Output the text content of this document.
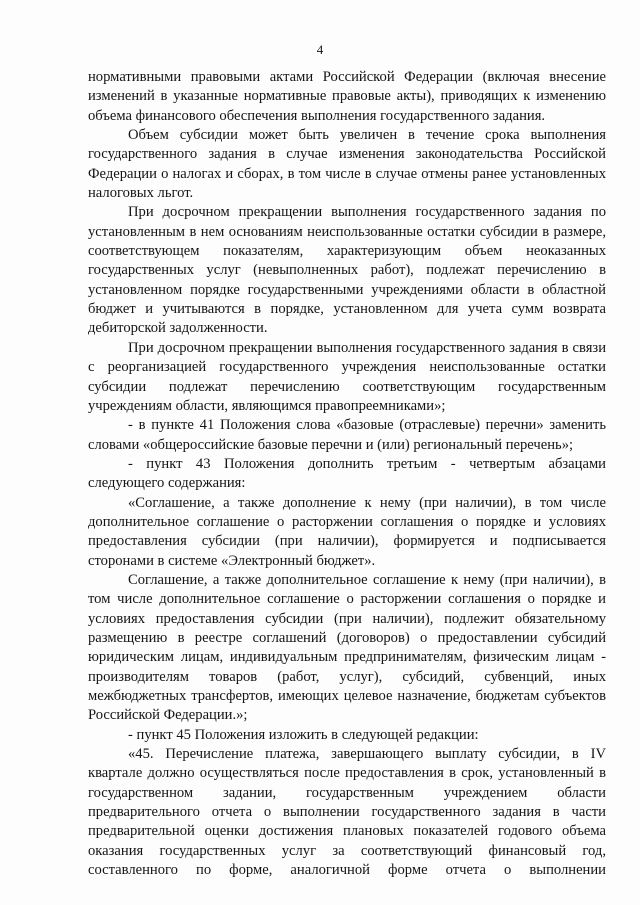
4

нормативными правовыми актами Российской Федерации (включая внесение изменений в указанные нормативные правовые акты), приводящих к изменению объема финансового обеспечения выполнения государственного задания.

Объем субсидии может быть увеличен в течение срока выполнения государственного задания в случае изменения законодательства Российской Федерации о налогах и сборах, в том числе в случае отмены ранее установленных налоговых льгот.

При досрочном прекращении выполнения государственного задания по установленным в нем основаниям неиспользованные остатки субсидии в размере, соответствующем показателям, характеризующим объем неоказанных государственных услуг (невыполненных работ), подлежат перечислению в установленном порядке государственными учреждениями области в областной бюджет и учитываются в порядке, установленном для учета сумм возврата дебиторской задолженности.

При досрочном прекращении выполнения государственного задания в связи с реорганизацией государственного учреждения неиспользованные остатки субсидии подлежат перечислению соответствующим государственным учреждениям области, являющимся правопреемниками»;

- в пункте 41 Положения слова «базовые (отраслевые) перечни» заменить словами «общероссийские базовые перечни и (или) региональный перечень»;

- пункт 43 Положения дополнить третьим - четвертым абзацами следующего содержания:

«Соглашение, а также дополнение к нему (при наличии), в том числе дополнительное соглашение о расторжении соглашения о порядке и условиях предоставления субсидии (при наличии), формируется и подписывается сторонами в системе «Электронный бюджет».

Соглашение, а также дополнительное соглашение к нему (при наличии), в том числе дополнительное соглашение о расторжении соглашения о порядке и условиях предоставления субсидии (при наличии), подлежит обязательному размещению в реестре соглашений (договоров) о предоставлении субсидий юридическим лицам, индивидуальным предпринимателям, физическим лицам - производителям товаров (работ, услуг), субсидий, субвенций, иных межбюджетных трансфертов, имеющих целевое назначение, бюджетам субъектов Российской Федерации.»;

- пункт 45 Положения изложить в следующей редакции:

«45. Перечисление платежа, завершающего выплату субсидии, в IV квартале должно осуществляться после предоставления в срок, установленный в государственном задании, государственным учреждением области предварительного отчета о выполнении государственного задания в части предварительной оценки достижения плановых показателей годового объема оказания государственных услуг за соответствующий финансовый год, составленного по форме, аналогичной форме отчета о выполнении
